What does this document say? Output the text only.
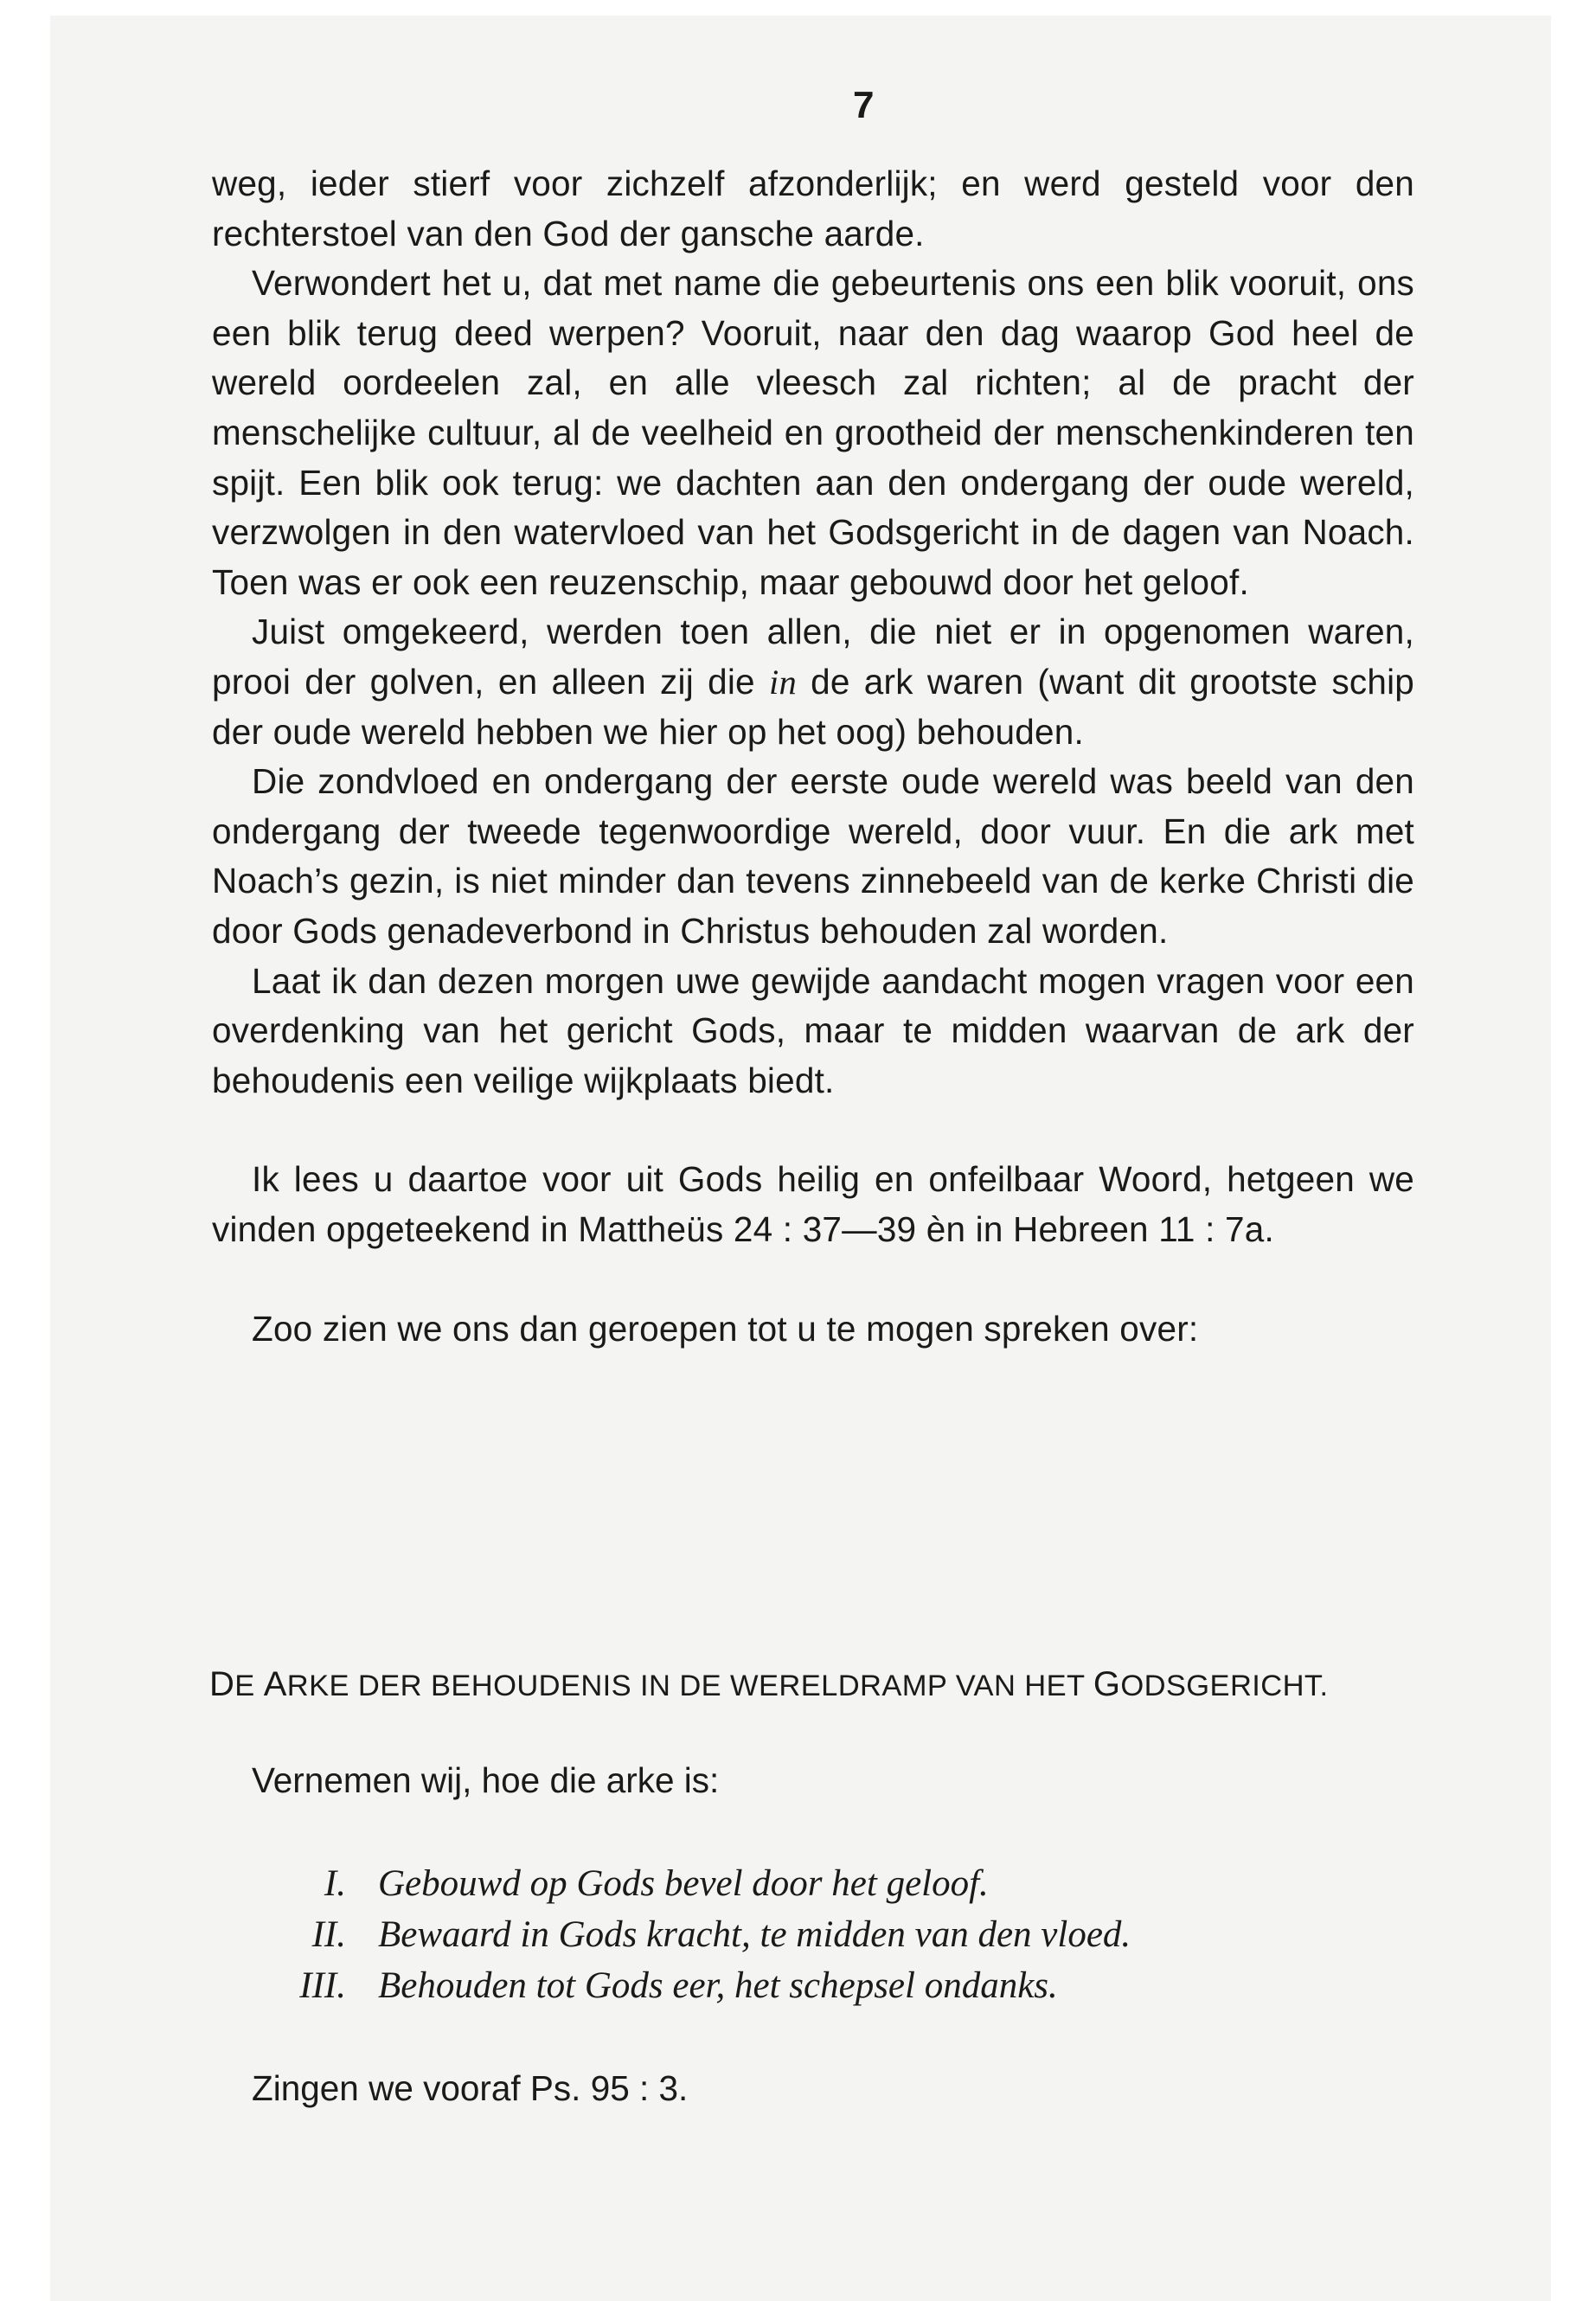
7

weg, ieder stierf voor zichzelf afzonderlijk; en werd gesteld voor den rechterstoel van den God der gansche aarde.

Verwondert het u, dat met name die gebeurtenis ons een blik vooruit, ons een blik terug deed werpen? Vooruit, naar den dag waarop God heel de wereld oordeelen zal, en alle vleesch zal richten; al de pracht der menschelijke cultuur, al de veelheid en grootheid der menschenkinderen ten spijt. Een blik ook terug: we dachten aan den ondergang der oude wereld, verzwolgen in den watervloed van het Godsgericht in de dagen van Noach. Toen was er ook een reuzenschip, maar gebouwd door het geloof.

Juist omgekeerd, werden toen allen, die niet er in opgenomen waren, prooi der golven, en alleen zij die in de ark waren (want dit grootste schip der oude wereld hebben we hier op het oog) behouden.

Die zondvloed en ondergang der eerste oude wereld was beeld van den ondergang der tweede tegenwoordige wereld, door vuur. En die ark met Noach’s gezin, is niet minder dan tevens zinnebeeld van de kerke Christi die door Gods genadeverbond in Christus behouden zal worden.

Laat ik dan dezen morgen uwe gewijde aandacht mogen vragen voor een overdenking van het gericht Gods, maar te midden waarvan de ark der behoudenis een veilige wijkplaats biedt.

Ik lees u daartoe voor uit Gods heilig en onfeilbaar Woord, hetgeen we vinden opgeteekend in Mattheüs 24 : 37—39 èn in Hebreen 11 : 7a.

Zoo zien we ons dan geroepen tot u te mogen spreken over:

DE ARKE DER BEHOUDENIS IN DE WERELDRAMP VAN HET GODSGERICHT.
Vernemen wij, hoe die arke is:
I. Gebouwd op Gods bevel door het geloof.
II. Bewaard in Gods kracht, te midden van den vloed.
III. Behouden tot Gods eer, het schepsel ondanks.
Zingen we vooraf Ps. 95 : 3.
